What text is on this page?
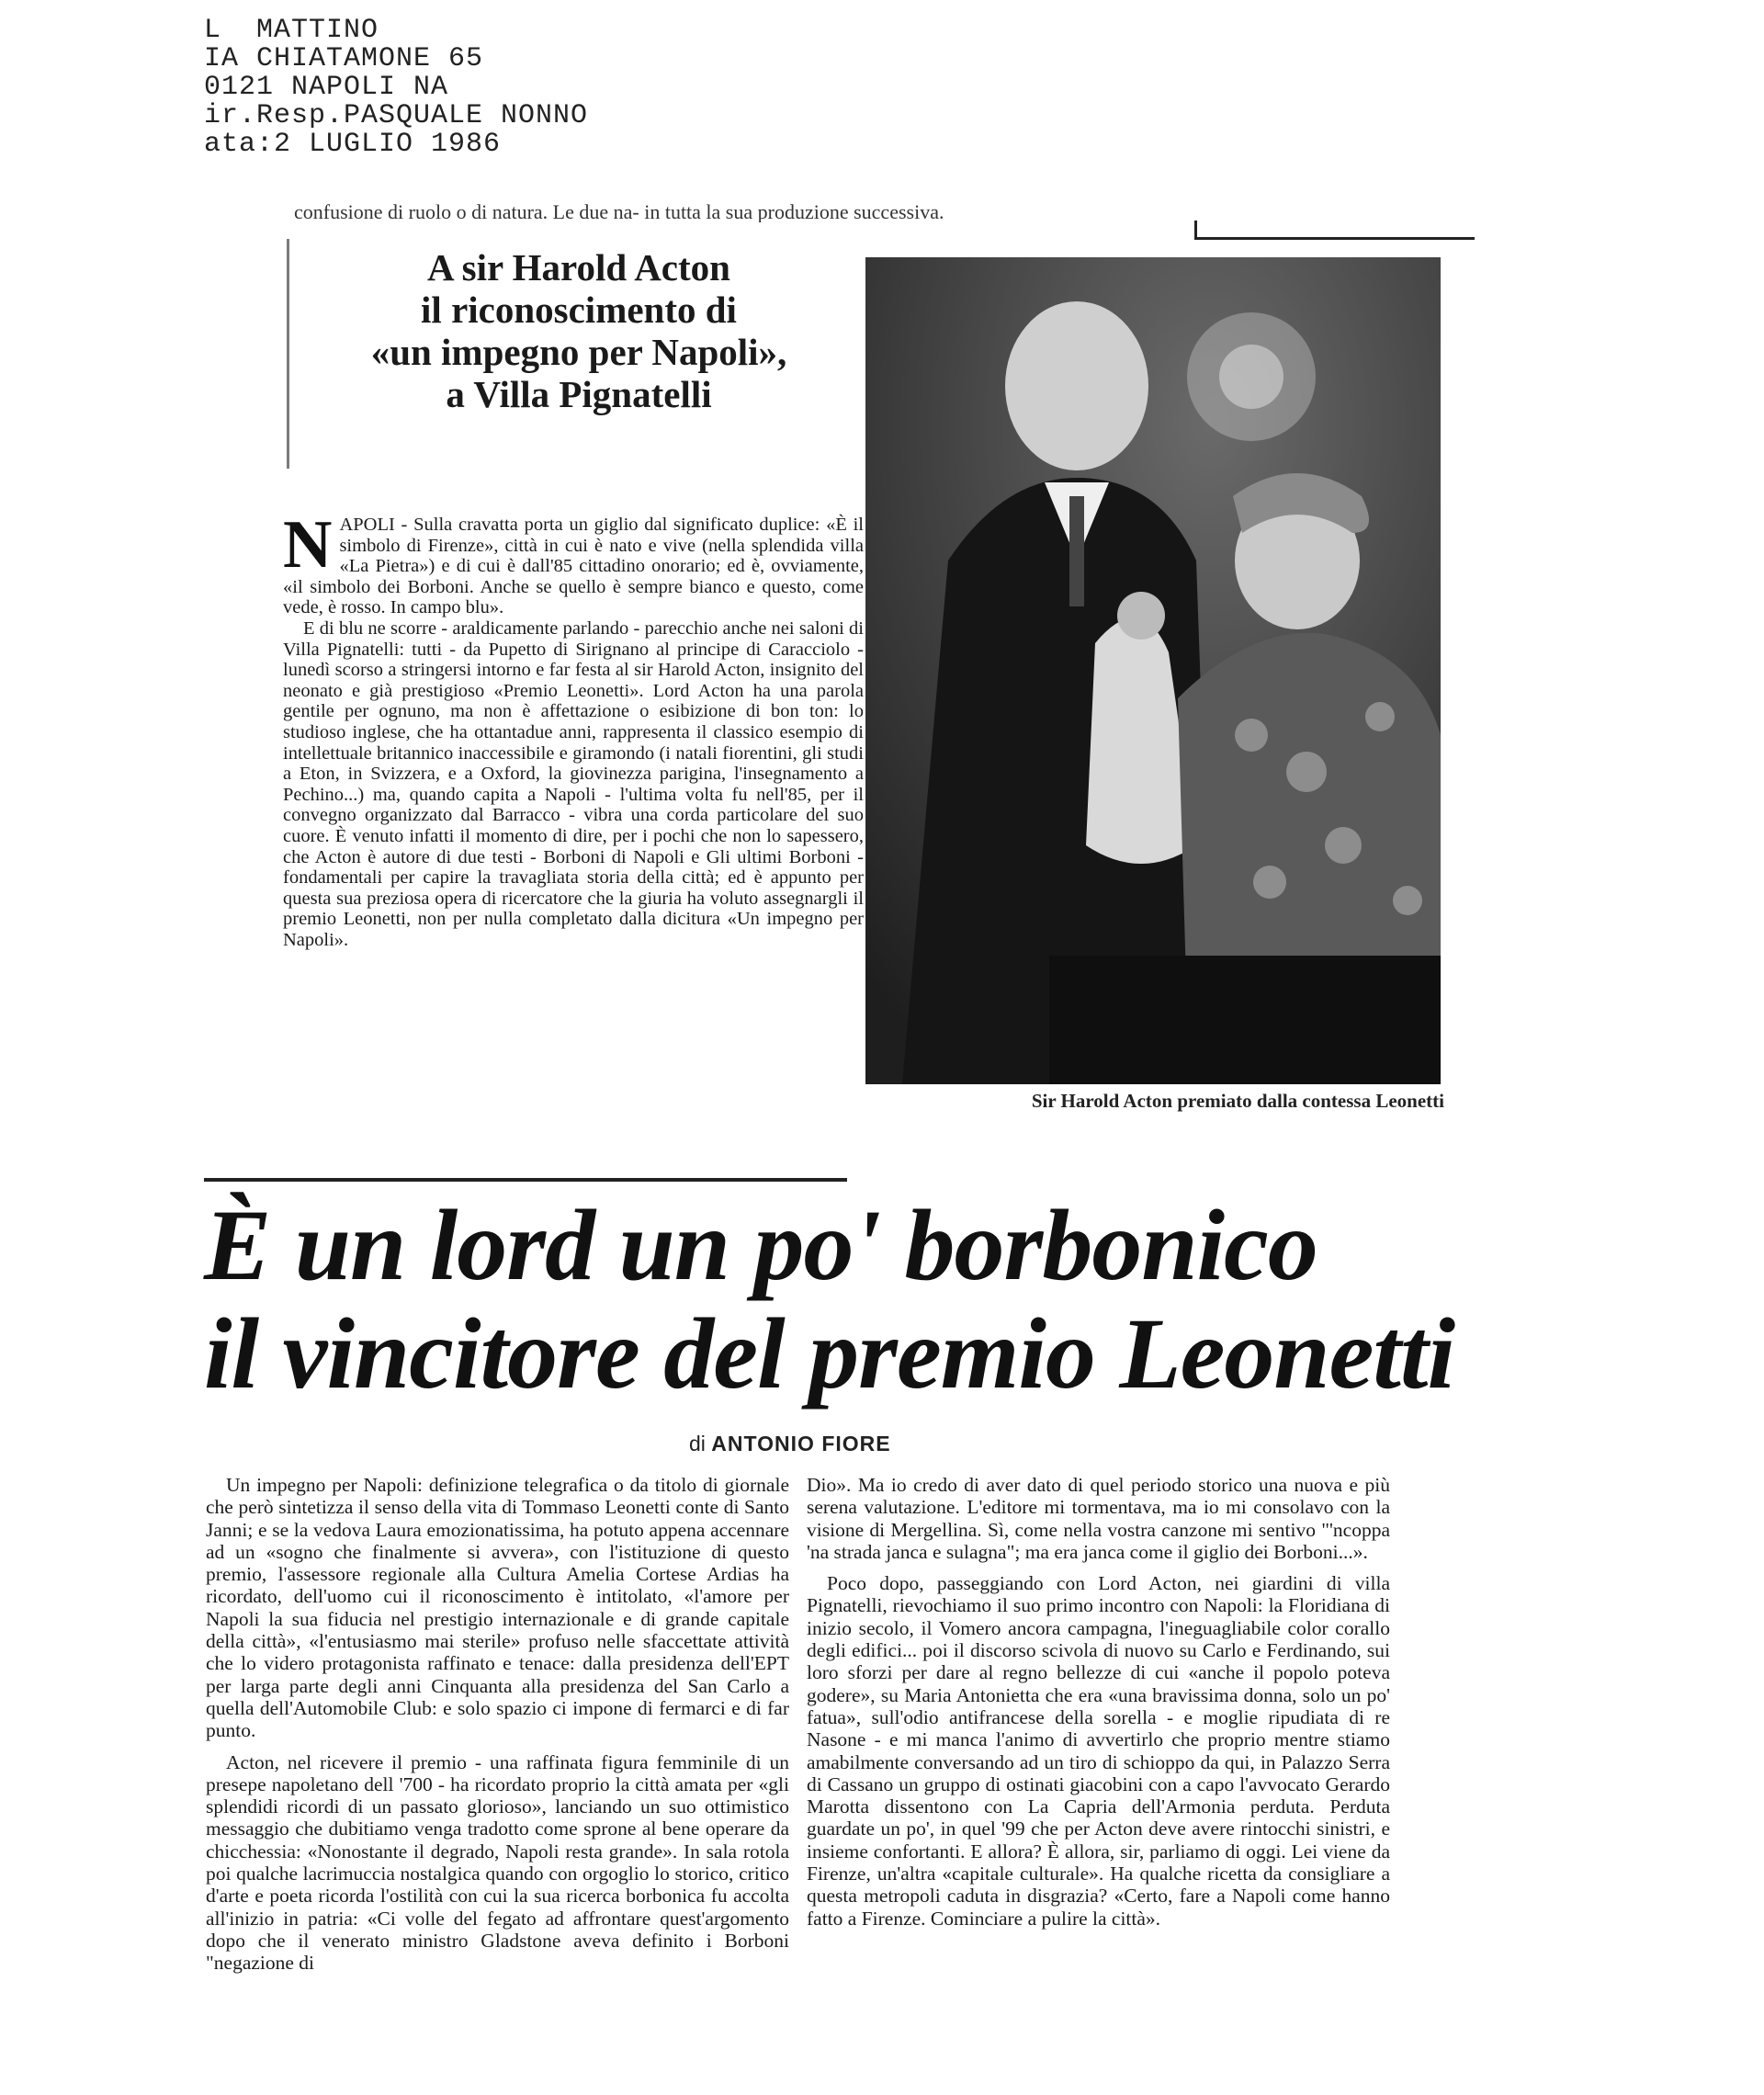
L  MATTINO
IA CHIATAMONE 65
0121 NAPOLI NA
ir.Resp.PASQUALE NONNO
ata:2 LUGLIO 1986
confusione di ruolo o di natura. Le due na- in tutta la sua produzione successiva.
A sir Harold Acton
il riconoscimento di
«un impegno per Napoli»,
a Villa Pignatelli

NAPOLI - Sulla cravatta porta un giglio dal significato duplice: «È il simbolo di Firenze», città in cui è nato e vive (nella splendida villa «La Pietra») e di cui è dall'85 cittadino onorario; ed è, ovviamente, «il simbolo dei Borboni. Anche se quello è sempre bianco e questo, come vede, è rosso. In campo blu».

E di blu ne scorre - araldicamente parlando - parecchio anche nei saloni di Villa Pignatelli: tutti - da Pupetto di Sirignano al principe di Caracciolo - lunedì scorso a stringersi intorno e far festa al sir Harold Acton, insignito del neonato e già prestigioso «Premio Leonetti». Lord Acton ha una parola gentile per ognuno, ma non è affettazione o esibizione di bon ton: lo studioso inglese, che ha ottantadue anni, rappresenta il classico esempio di intellettuale britannico inaccessibile e giramondo (i natali fiorentini, gli studi a Eton, in Svizzera, e a Oxford, la giovinezza parigina, l'insegnamento a Pechino...) ma, quando capita a Napoli - l'ultima volta fu nell'85, per il convegno organizzato dal Barracco - vibra una corda particolare del suo cuore. È venuto infatti il momento di dire, per i pochi che non lo sapessero, che Acton è autore di due testi - Borboni di Napoli e Gli ultimi Borboni - fondamentali per capire la travagliata storia della città; ed è appunto per questa sua preziosa opera di ricercatore che la giuria ha voluto assegnargli il premio Leonetti, non per nulla completato dalla dicitura «Un impegno per Napoli».

Sir Harold Acton premiato dalla contessa Leonetti
È un lord un po' borbonico
il vincitore del premio Leonetti
di ANTONIO FIORE

Un impegno per Napoli: definizione telegrafica o da titolo di giornale che però sintetizza il senso della vita di Tommaso Leonetti conte di Santo Janni; e se la vedova Laura emozionatissima, ha potuto appena accennare ad un «sogno che finalmente si avvera», con l'istituzione di questo premio, l'assessore regionale alla Cultura Amelia Cortese Ardias ha ricordato, dell'uomo cui il riconoscimento è intitolato, «l'amore per Napoli la sua fiducia nel prestigio internazionale e di grande capitale della città», «l'entusiasmo mai sterile» profuso nelle sfaccettate attività che lo videro protagonista raffinato e tenace: dalla presidenza dell'EPT per larga parte degli anni Cinquanta alla presidenza del San Carlo a quella dell'Automobile Club: e solo spazio ci impone di fermarci e di far punto.

Acton, nel ricevere il premio - una raffinata figura femminile di un presepe napoletano dell '700 - ha ricordato proprio la città amata per «gli splendidi ricordi di un passato glorioso», lanciando un suo ottimistico messaggio che dubitiamo venga tradotto come sprone al bene operare da chicchessia: «Nonostante il degrado, Napoli resta grande». In sala rotola poi qualche lacrimuccia nostalgica quando con orgoglio lo storico, critico d'arte e poeta ricorda l'ostilità con cui la sua ricerca borbonica fu accolta all'inizio in patria: «Ci volle del fegato ad affrontare quest'argomento dopo che il venerato ministro Gladstone aveva definito i Borboni "negazione di

Dio». Ma io credo di aver dato di quel periodo storico una nuova e più serena valutazione. L'editore mi tormentava, ma io mi consolavo con la visione di Mergellina. Sì, come nella vostra canzone mi sentivo "'ncoppa 'na strada janca e sulagna"; ma era janca come il giglio dei Borboni...».

Poco dopo, passeggiando con Lord Acton, nei giardini di villa Pignatelli, rievochiamo il suo primo incontro con Napoli: la Floridiana di inizio secolo, il Vomero ancora campagna, l'ineguagliabile color corallo degli edifici... poi il discorso scivola di nuovo su Carlo e Ferdinando, sui loro sforzi per dare al regno bellezze di cui «anche il popolo poteva godere», su Maria Antonietta che era «una bravissima donna, solo un po' fatua», sull'odio antifrancese della sorella - e moglie ripudiata di re Nasone - e mi manca l'animo di avvertirlo che proprio mentre stiamo amabilmente conversando ad un tiro di schioppo da qui, in Palazzo Serra di Cassano un gruppo di ostinati giacobini con a capo l'avvocato Gerardo Marotta dissentono con La Capria dell'Armonia perduta. Perduta guardate un po', in quel '99 che per Acton deve avere rintocchi sinistri, e insieme confortanti. E allora? È allora, sir, parliamo di oggi. Lei viene da Firenze, un'altra «capitale culturale». Ha qualche ricetta da consigliare a questa metropoli caduta in disgrazia? «Certo, fare a Napoli come hanno fatto a Firenze. Cominciare a pulire la città».
